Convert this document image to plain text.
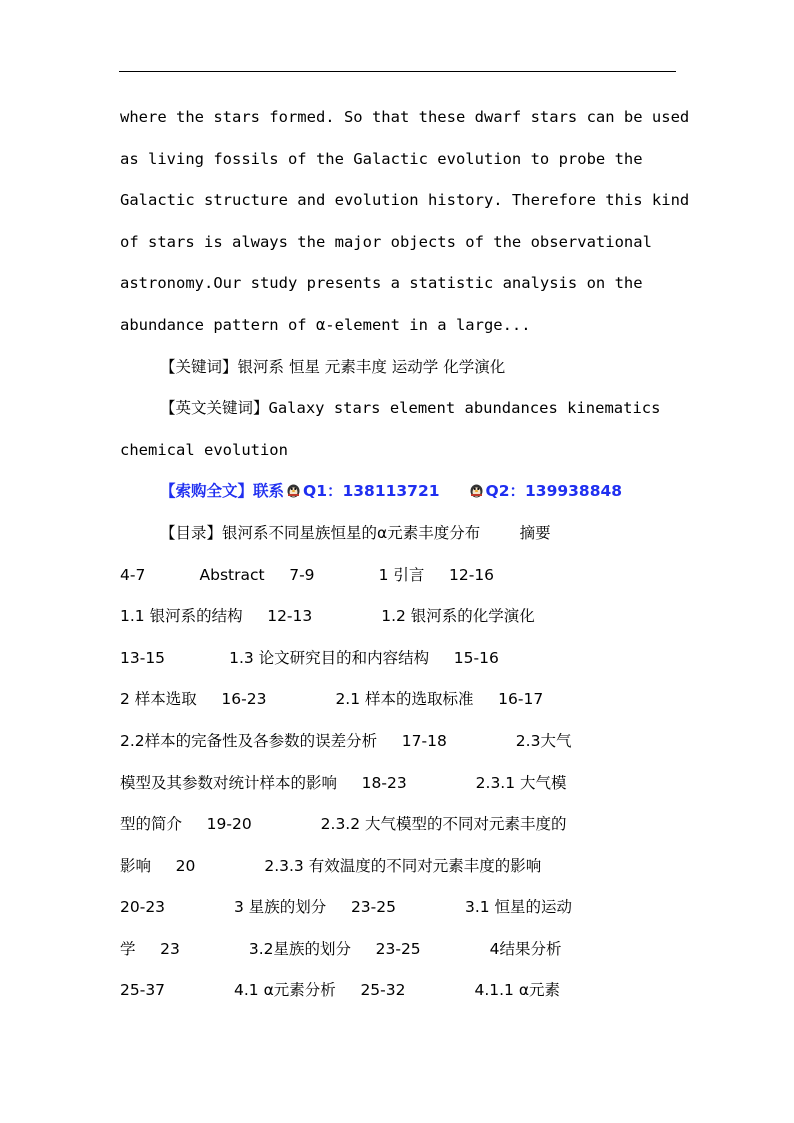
where the stars formed. So that these dwarf stars can be used
as living fossils of the Galactic evolution to probe the
Galactic structure and evolution history. Therefore this kind
of stars is always the major objects of the observational
astronomy.Our study presents a statistic analysis on the
abundance pattern of α-element in a large...
【关键词】银河系 恒星 元素丰度 运动学 化学演化
【英文关键词】Galaxy stars element abundances kinematics
chemical evolution
【索购全文】联系 Q1：138113721	Q2：139938848
【目录】银河系不同星族恒星的α元素丰度分布        摘要
4-7           Abstract     7-9             1 引言     12-16
1.1 银河系的结构     12-13              1.2 银河系的化学演化
13-15             1.3 论文研究目的和内容结构     15-16
2 样本选取     16-23              2.1 样本的选取标准     16-17
2.2样本的完备性及各参数的误差分析     17-18              2.3大气
模型及其参数对统计样本的影响     18-23              2.3.1 大气模
型的简介     19-20              2.3.2 大气模型的不同对元素丰度的
影响     20              2.3.3 有效温度的不同对元素丰度的影响
20-23              3 星族的划分     23-25              3.1 恒星的运动
学     23              3.2星族的划分     23-25              4结果分析
25-37              4.1 α元素分析     25-32              4.1.1 α元素
